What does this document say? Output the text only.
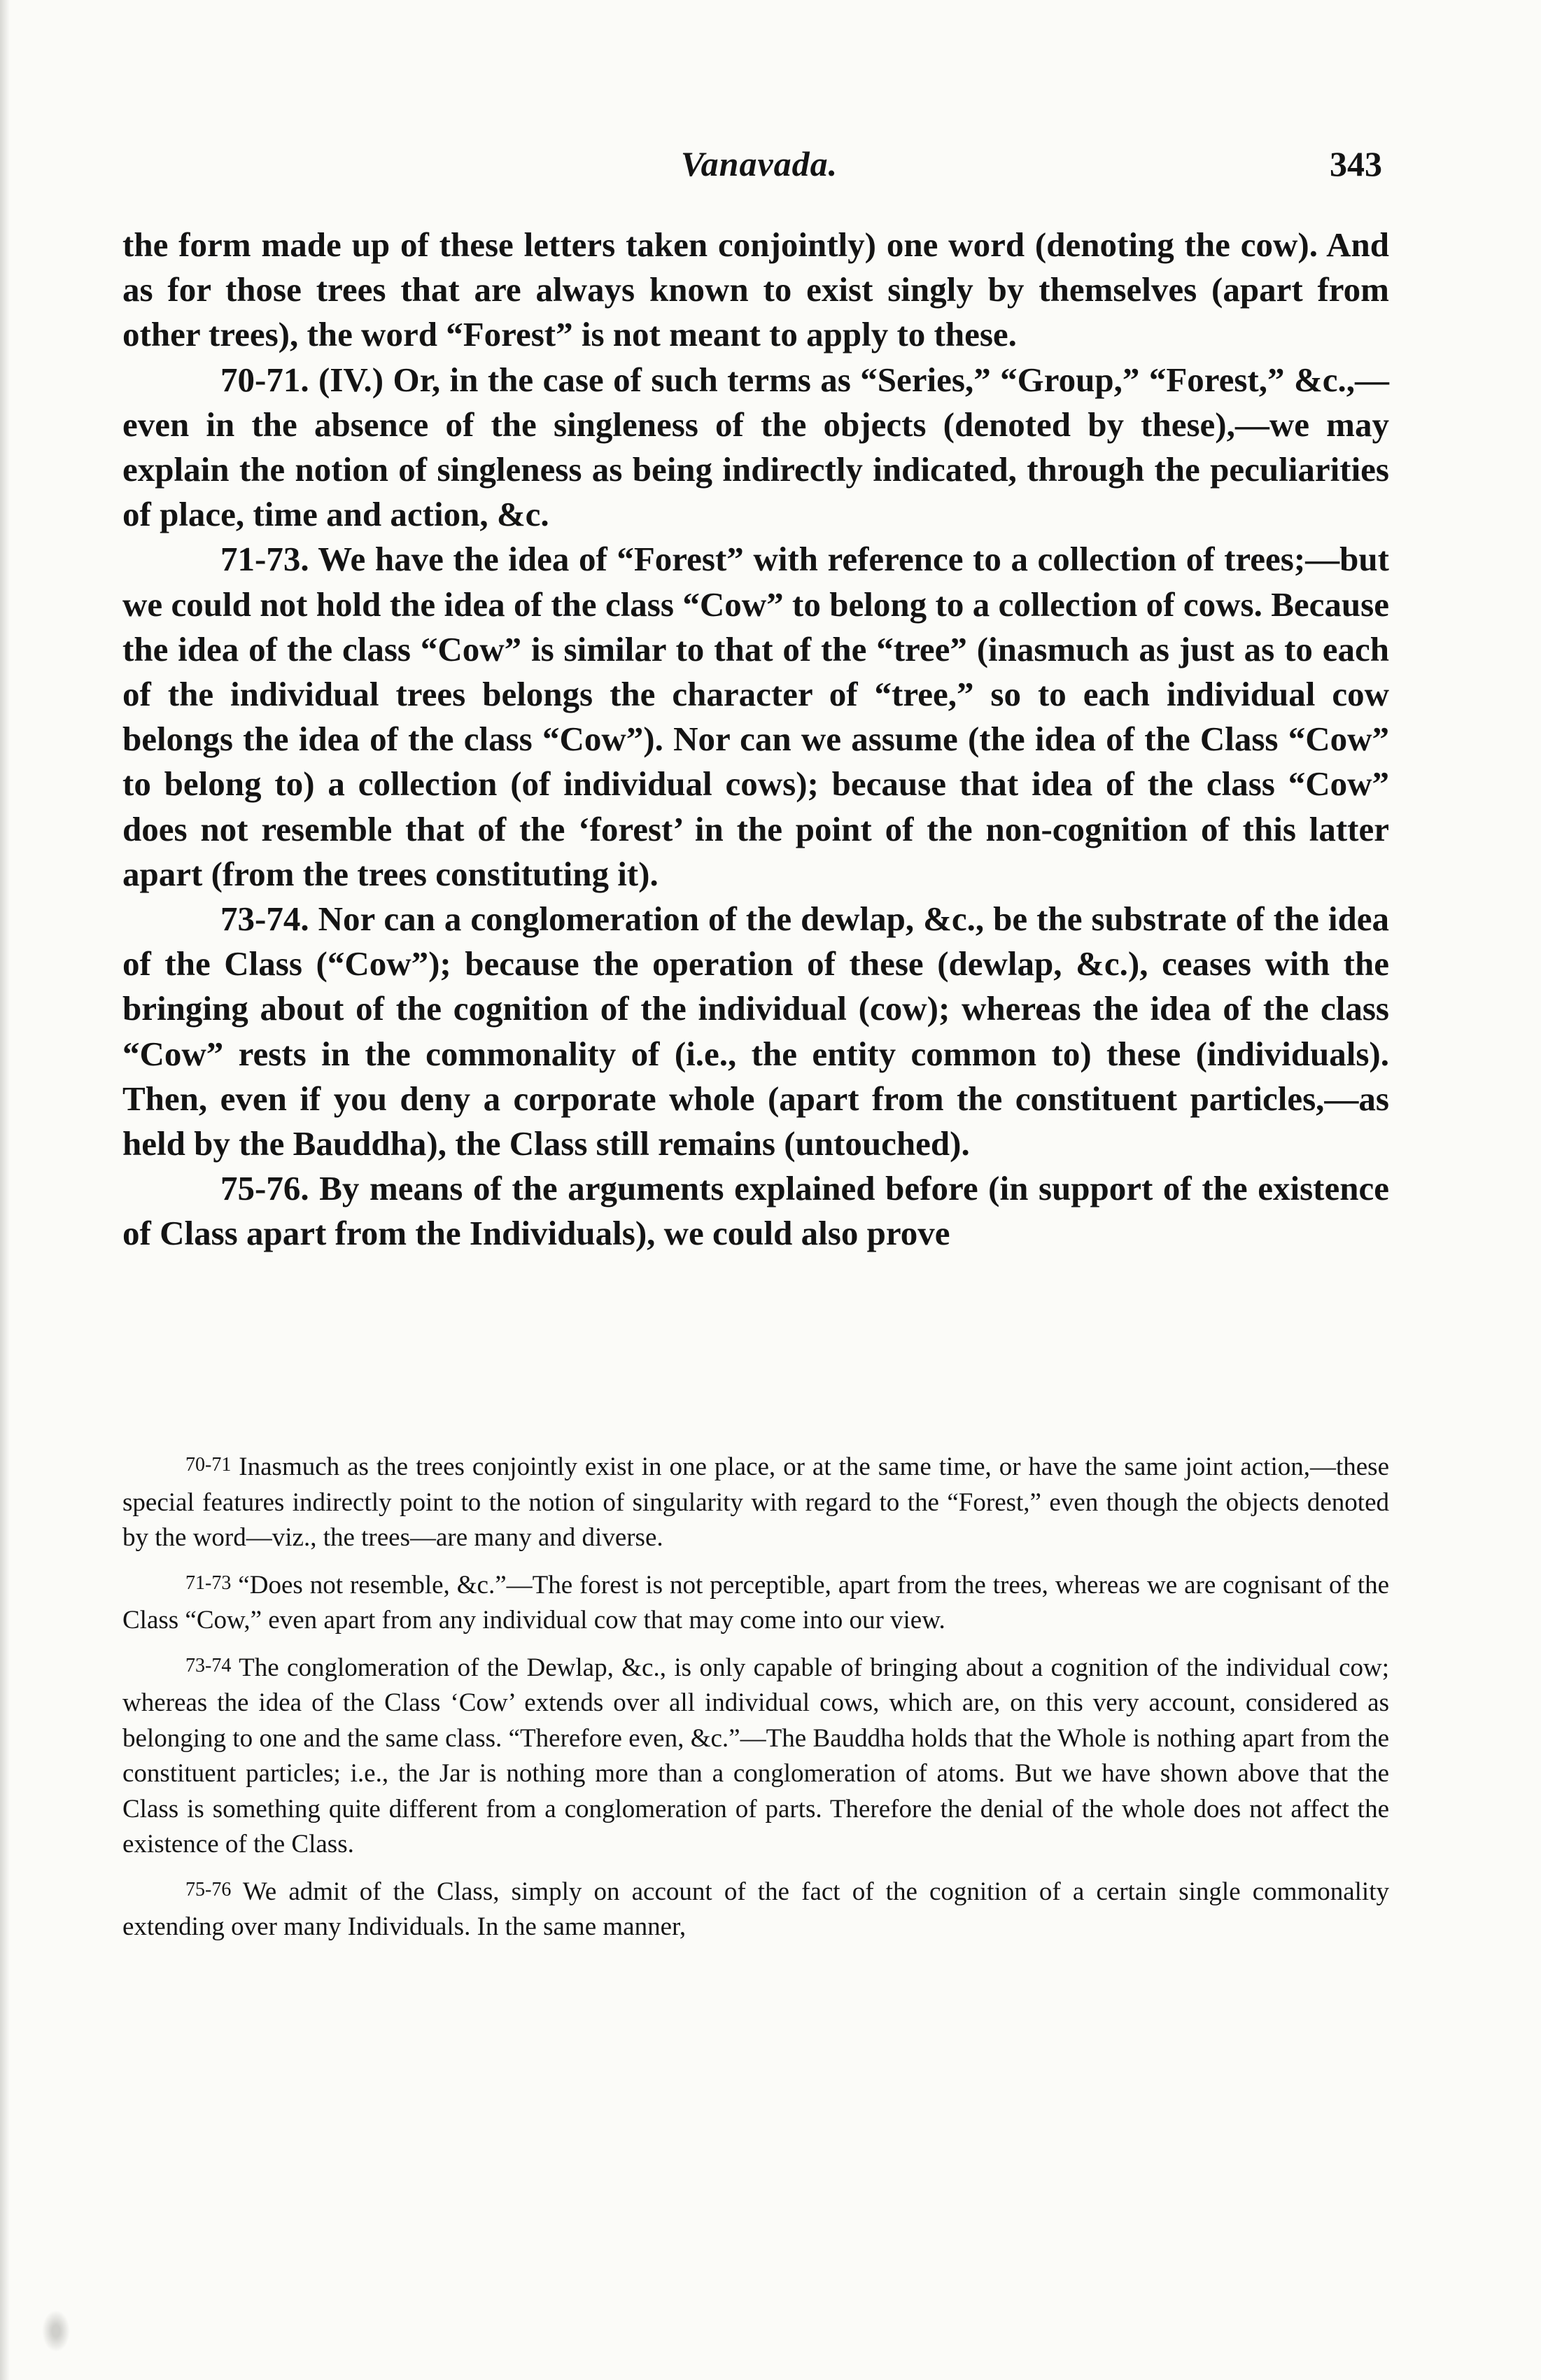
Vanavada.	343

the form made up of these letters taken conjointly) one word (denoting the cow). And as for those trees that are always known to exist singly by themselves (apart from other trees), the word “Forest” is not meant to apply to these.

70-71. (IV.) Or, in the case of such terms as “Series,” “Group,” “Forest,” &c.,—even in the absence of the singleness of the objects (denoted by these),—we may explain the notion of singleness as being indirectly indicated, through the peculiarities of place, time and action, &c.

71-73. We have the idea of “Forest” with reference to a collection of trees;—but we could not hold the idea of the class “Cow” to belong to a collection of cows. Because the idea of the class “Cow” is similar to that of the “tree” (inasmuch as just as to each of the individual trees belongs the character of “tree,” so to each individual cow belongs the idea of the class “Cow”). Nor can we assume (the idea of the Class “Cow” to belong to) a collection (of individual cows); because that idea of the class “Cow” does not resemble that of the ‘forest’ in the point of the non-cognition of this latter apart (from the trees constituting it).

73-74. Nor can a conglomeration of the dewlap, &c., be the substrate of the idea of the Class (“Cow”); because the operation of these (dewlap, &c.), ceases with the bringing about of the cognition of the individual (cow); whereas the idea of the class “Cow” rests in the commonality of (i.e., the entity common to) these (individuals). Then, even if you deny a corporate whole (apart from the constituent particles,—as held by the Bauddha), the Class still remains (untouched).

75-76. By means of the arguments explained before (in support of the existence of Class apart from the Individuals), we could also prove

70-71 Inasmuch as the trees conjointly exist in one place, or at the same time, or have the same joint action,—these special features indirectly point to the notion of singularity with regard to the “Forest,” even though the objects denoted by the word—viz., the trees—are many and diverse.

71-73 “Does not resemble, &c.”—The forest is not perceptible, apart from the trees, whereas we are cognisant of the Class “Cow,” even apart from any individual cow that may come into our view.

73-74 The conglomeration of the Dewlap, &c., is only capable of bringing about a cognition of the individual cow; whereas the idea of the Class ‘Cow’ extends over all individual cows, which are, on this very account, considered as belonging to one and the same class. “Therefore even, &c.”—The Bauddha holds that the Whole is nothing apart from the constituent particles; i.e., the Jar is nothing more than a conglomeration of atoms. But we have shown above that the Class is something quite different from a conglomeration of parts. Therefore the denial of the whole does not affect the existence of the Class.

75-76 We admit of the Class, simply on account of the fact of the cognition of a certain single commonality extending over many Individuals. In the same manner,
